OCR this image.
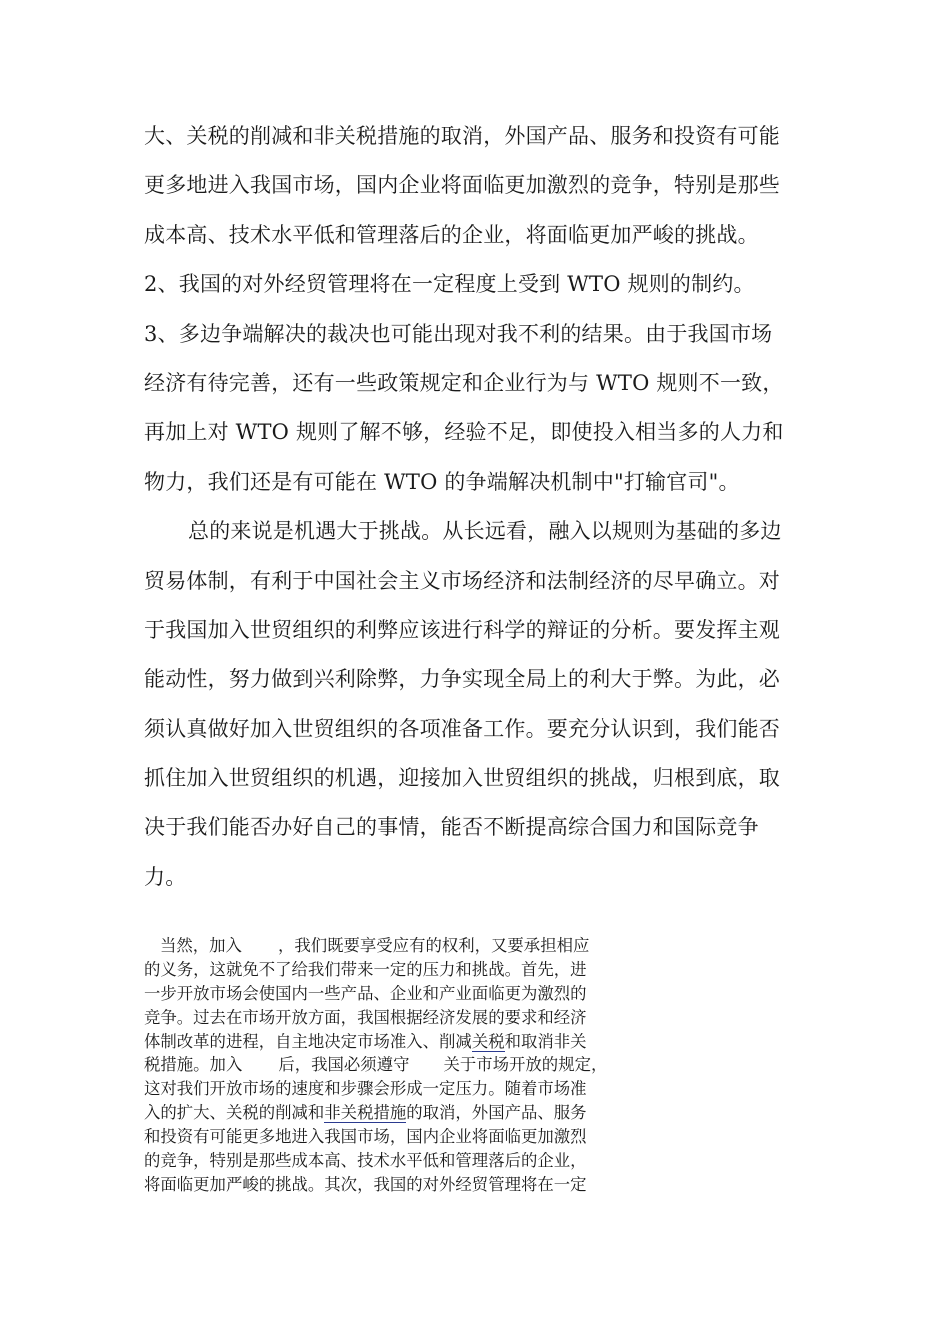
大、关税的削减和非关税措施的取消，外国产品、服务和投资有可能
更多地进入我国市场，国内企业将面临更加激烈的竞争，特别是那些
成本高、技术水平低和管理落后的企业，将面临更加严峻的挑战。
2、我国的对外经贸管理将在一定程度上受到 WTO 规则的制约。
3、多边争端解决的裁决也可能出现对我不利的结果。由于我国市场
经济有待完善，还有一些政策规定和企业行为与 WTO 规则不一致，
再加上对 WTO 规则了解不够，经验不足，即使投入相当多的人力和
物力，我们还是有可能在 WTO 的争端解决机制中"打输官司"。
总的来说是机遇大于挑战。从长远看，融入以规则为基础的多边
贸易体制，有利于中国社会主义市场经济和法制经济的尽早确立。对
于我国加入世贸组织的利弊应该进行科学的辩证的分析。要发挥主观
能动性，努力做到兴利除弊，力争实现全局上的利大于弊。为此，必
须认真做好加入世贸组织的各项准备工作。要充分认识到，我们能否
抓住加入世贸组织的机遇，迎接加入世贸组织的挑战，归根到底，取
决于我们能否办好自己的事情，能否不断提高综合国力和国际竞争
力。
当然，加入 ，我们既要享受应有的权利，又要承担相应
的义务，这就免不了给我们带来一定的压力和挑战。首先，进
一步开放市场会使国内一些产品、企业和产业面临更为激烈的
竞争。过去在市场开放方面，我国根据经济发展的要求和经济
体制改革的进程，自主地决定市场准入、削减关税和取消非关
税措施。加入 后，我国必须遵守 关于市场开放的规定，
这对我们开放市场的速度和步骤会形成一定压力。随着市场准
入的扩大、关税的削减和非关税措施的取消，外国产品、服务
和投资有可能更多地进入我国市场，国内企业将面临更加激烈
的竞争，特别是那些成本高、技术水平低和管理落后的企业，
将面临更加严峻的挑战。其次，我国的对外经贸管理将在一定
